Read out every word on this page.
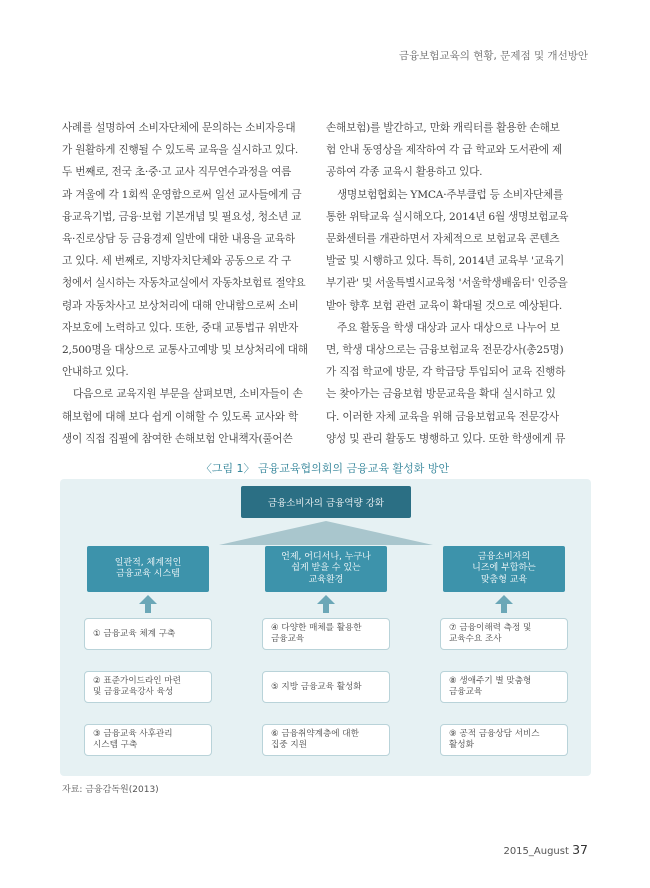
금융보험교육의 현황, 문제점 및 개선방안

사례를 설명하여 소비자단체에 문의하는 소비자응대

가 원활하게 진행될 수 있도록 교육을 실시하고 있다.

두 번째로, 전국 초·중·고 교사 직무연수과정을 여름

과 겨울에 각 1회씩 운영함으로써 일선 교사들에게 금

융교육기법, 금융·보험 기본개념 및 필요성, 청소년 교

육·진로상담 등 금융경제 일반에 대한 내용을 교육하

고 있다. 세 번째로, 지방자치단체와 공동으로 각 구

청에서 실시하는 자동차교실에서 자동차보험료 절약요

령과 자동차사고 보상처리에 대해 안내함으로써 소비

자보호에 노력하고 있다. 또한, 중대 교통법규 위반자

2,500명을 대상으로 교통사고예방 및 보상처리에 대해

안내하고 있다.

다음으로 교육지원 부문을 살펴보면, 소비자들이 손

해보험에 대해 보다 쉽게 이해할 수 있도록 교사와 학

생이 직접 집필에 참여한 손해보험 안내책자(풀어쓴

손해보험)를 발간하고, 만화 캐릭터를 활용한 손해보

험 안내 동영상을 제작하여 각 급 학교와 도서관에 제

공하여 각종 교육시 활용하고 있다.

생명보험협회는 YMCA·주부클럽 등 소비자단체를

통한 위탁교육 실시해오다, 2014년 6월 생명보험교육

문화센터를 개관하면서 자체적으로 보험교육 콘텐츠

발굴 및 시행하고 있다. 특히, 2014년 교육부 '교육기

부기관' 및 서울특별시교육청 '서울학생배움터' 인증을

받아 향후 보험 관련 교육이 확대될 것으로 예상된다.

주요 활동을 학생 대상과 교사 대상으로 나누어 보

면, 학생 대상으로는 금융보험교육 전문강사(총25명)

가 직접 학교에 방문, 각 학급당 투입되어 교육 진행하

는 찾아가는 금융보험 방문교육을 확대 실시하고 있

다. 이러한 자체 교육을 위해 금융보험교육 전문강사

양성 및 관리 활동도 병행하고 있다. 또한 학생에게 뮤

〈그림 1〉 금융교육협의회의 금융교육 활성화 방안
금융소비자의 금융역량 강화
일관적, 체계적인
금융교육 시스템
언제, 어디서나, 누구나
쉽게 받을 수 있는
교육환경
금융소비자의
니즈에 부합하는
맞춤형 교육
① 금융교육 체계 구축
② 표준가이드라인 마련
및 금융교육강사 육성
③ 금융교육 사후관리
시스템 구축
④ 다양한 매체를 활용한
금융교육
⑤ 지방 금융교육 활성화
⑥ 금융취약계층에 대한
집중 지원
⑦ 금융이해력 측정 및
교육수요 조사
⑧ 생애주기 별 맞춤형
금융교육
⑨ 공적 금융상담 서비스
활성화
자료: 금융감독원(2013)
2015_August 37
